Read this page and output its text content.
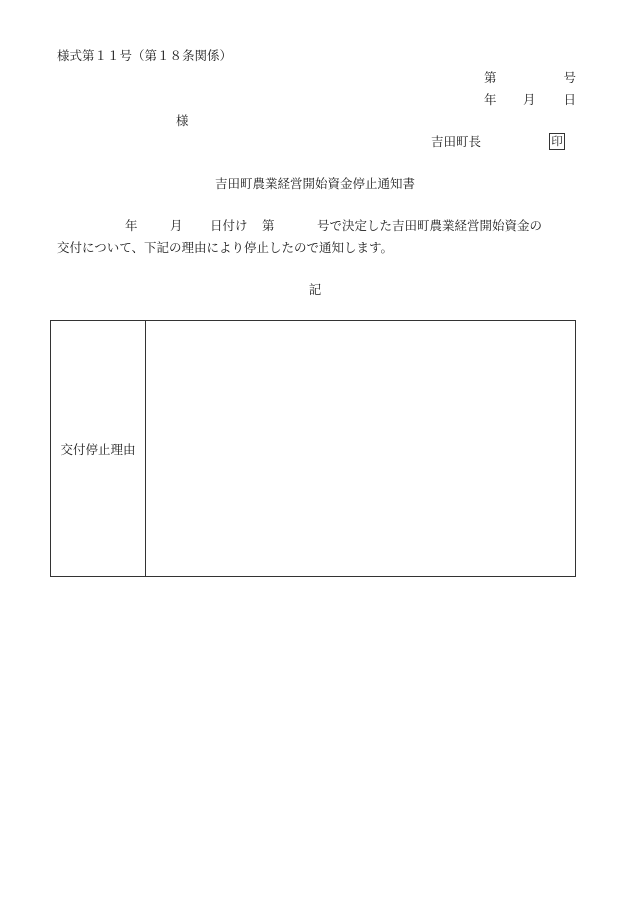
様式第１１号（第１８条関係）
第	号
年 月 日
様
吉田町長	印
吉田町農業経営開始資金停止通知書
年	月 日付け 第	号で決定した吉田町農業経営開始資金の
交付について、下記の理由により停止したので通知します。
記
交付停止理由
